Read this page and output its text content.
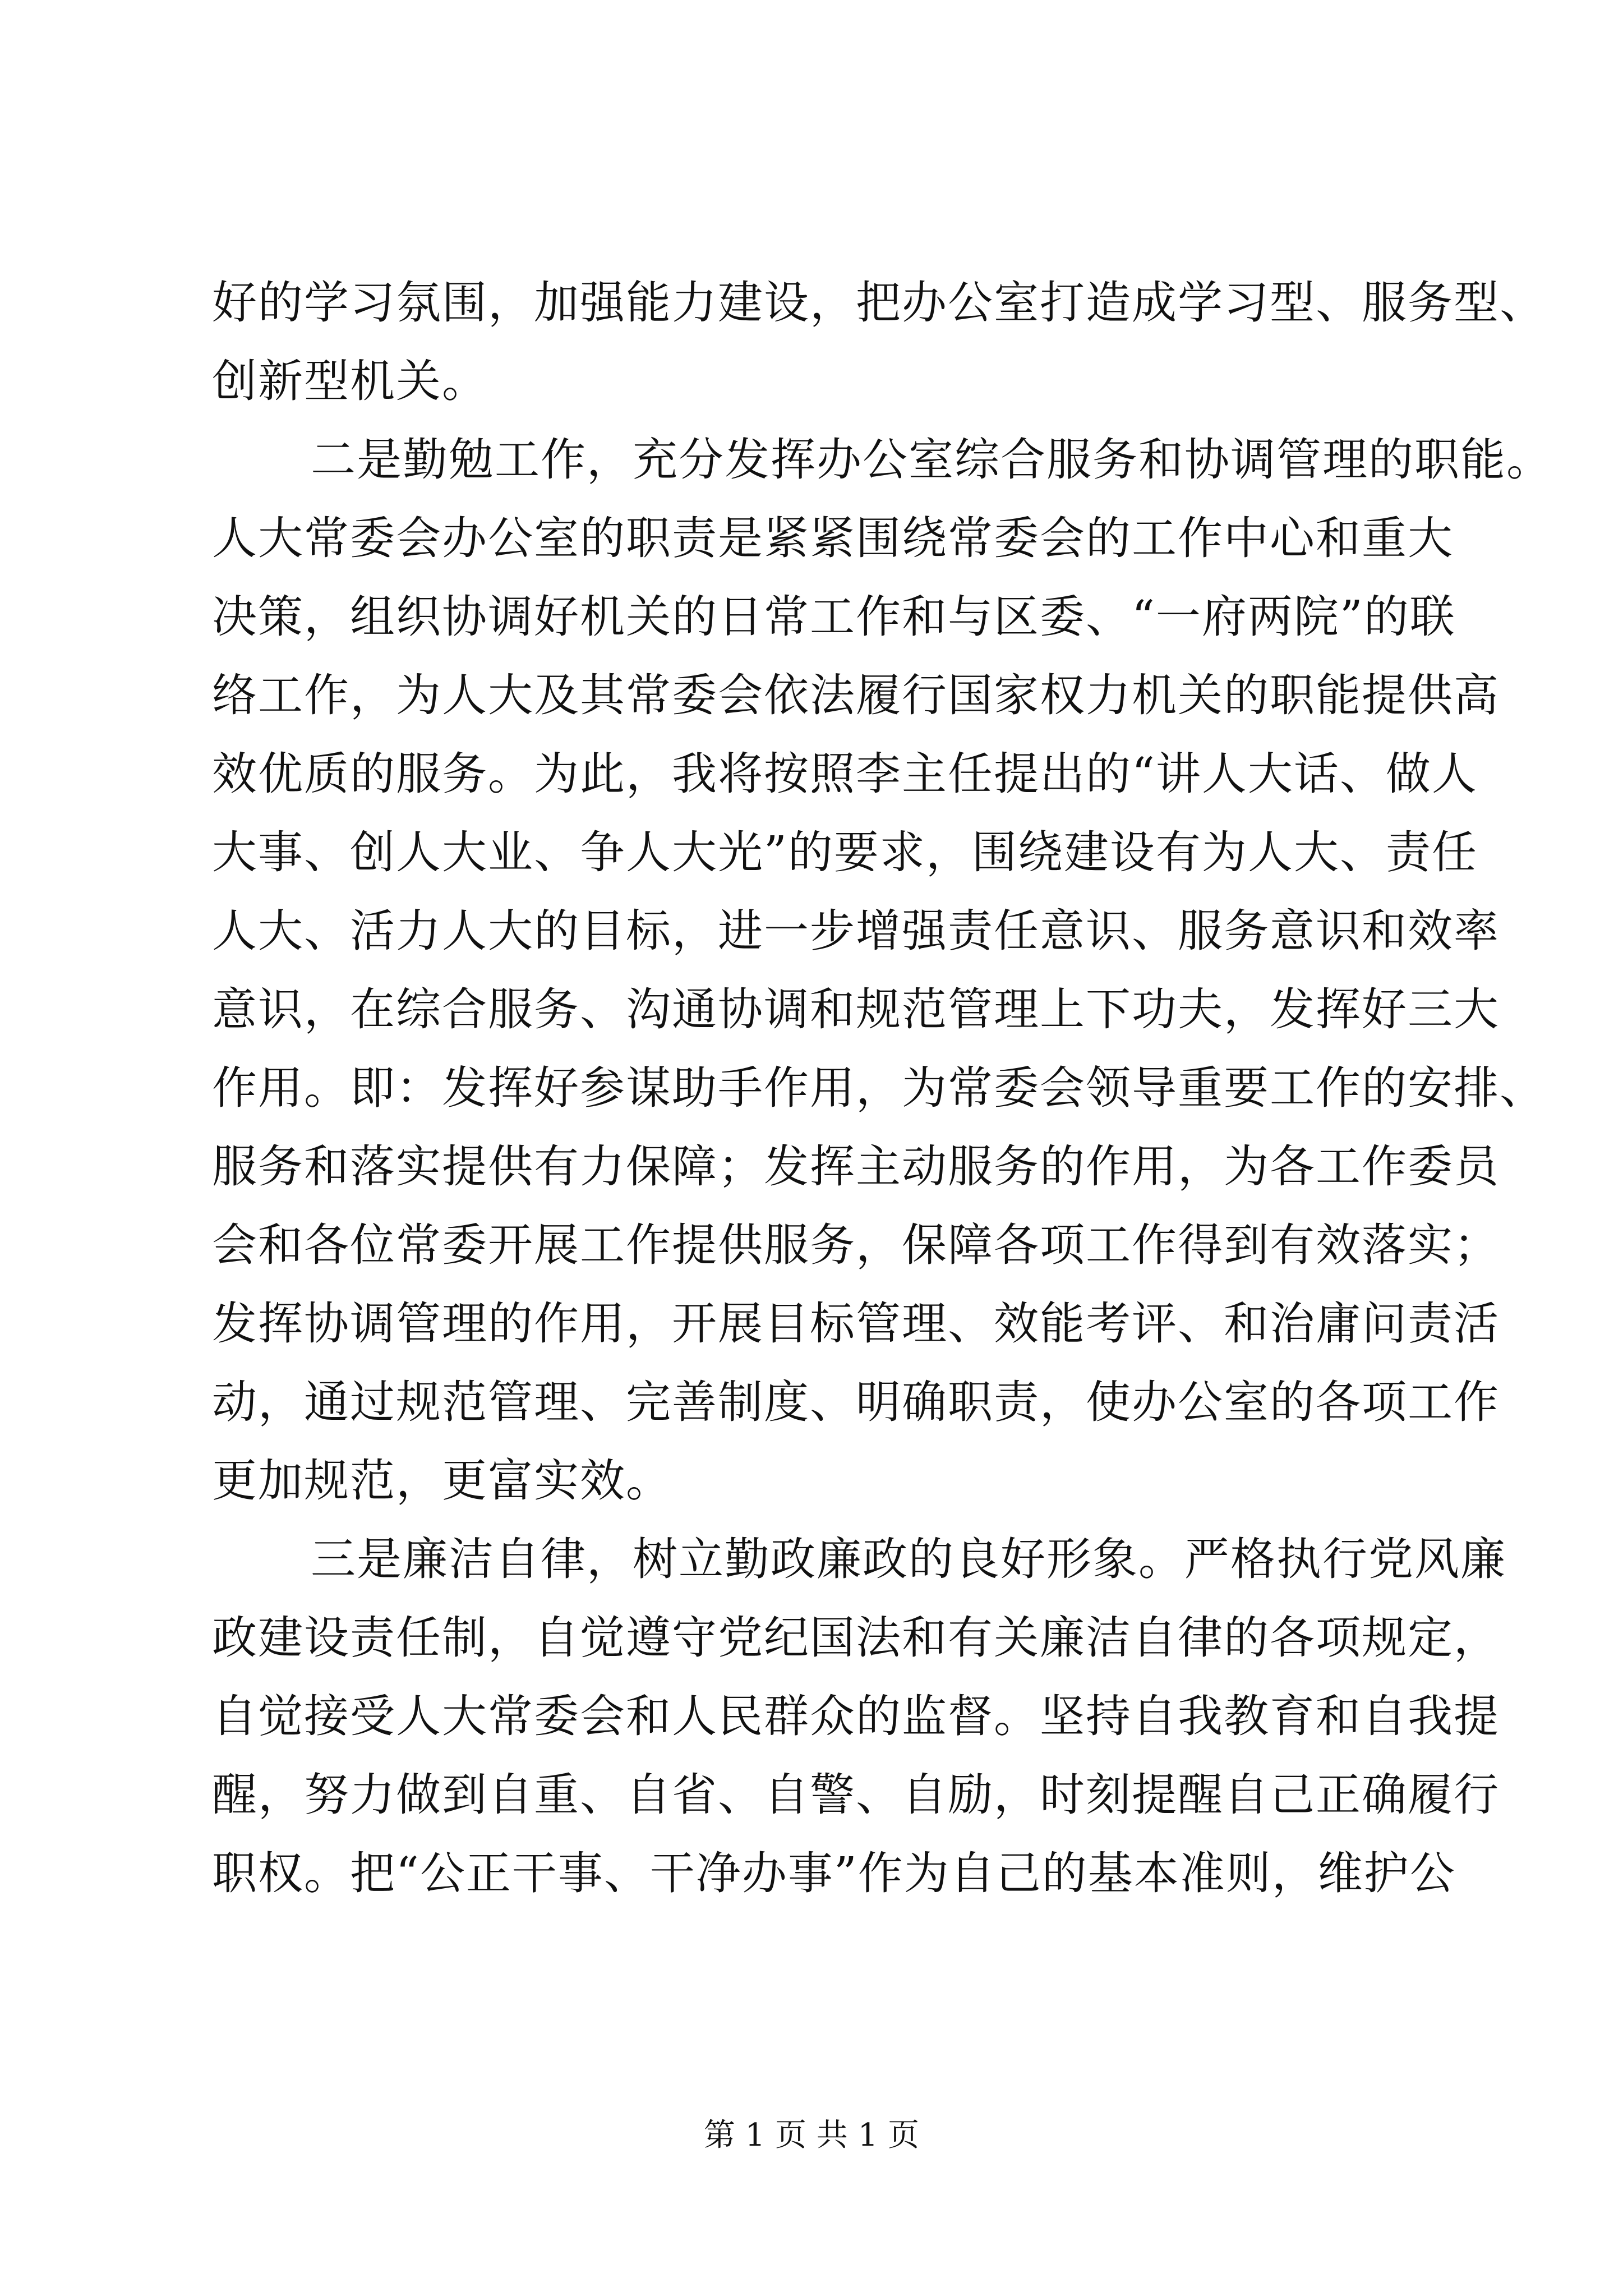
好的学习氛围，加强能力建设，把办公室打造成学习型、服务型、
创新型机关。
二是勤勉工作，充分发挥办公室综合服务和协调管理的职能。
人大常委会办公室的职责是紧紧围绕常委会的工作中心和重大
决策，组织协调好机关的日常工作和与区委、“一府两院”的联
络工作，为人大及其常委会依法履行国家权力机关的职能提供高
效优质的服务。为此，我将按照李主任提出的“讲人大话、做人
大事、创人大业、争人大光”的要求，围绕建设有为人大、责任
人大、活力人大的目标，进一步增强责任意识、服务意识和效率
意识，在综合服务、沟通协调和规范管理上下功夫，发挥好三大
作用。即：发挥好参谋助手作用，为常委会领导重要工作的安排、
服务和落实提供有力保障；发挥主动服务的作用，为各工作委员
会和各位常委开展工作提供服务，保障各项工作得到有效落实；
发挥协调管理的作用，开展目标管理、效能考评、和治庸问责活
动，通过规范管理、完善制度、明确职责，使办公室的各项工作
更加规范，更富实效。
三是廉洁自律，树立勤政廉政的良好形象。严格执行党风廉
政建设责任制，自觉遵守党纪国法和有关廉洁自律的各项规定，
自觉接受人大常委会和人民群众的监督。坚持自我教育和自我提
醒，努力做到自重、自省、自警、自励，时刻提醒自己正确履行
职权。把“公正干事、干净办事”作为自己的基本准则，维护公
第 1 页 共 1 页
